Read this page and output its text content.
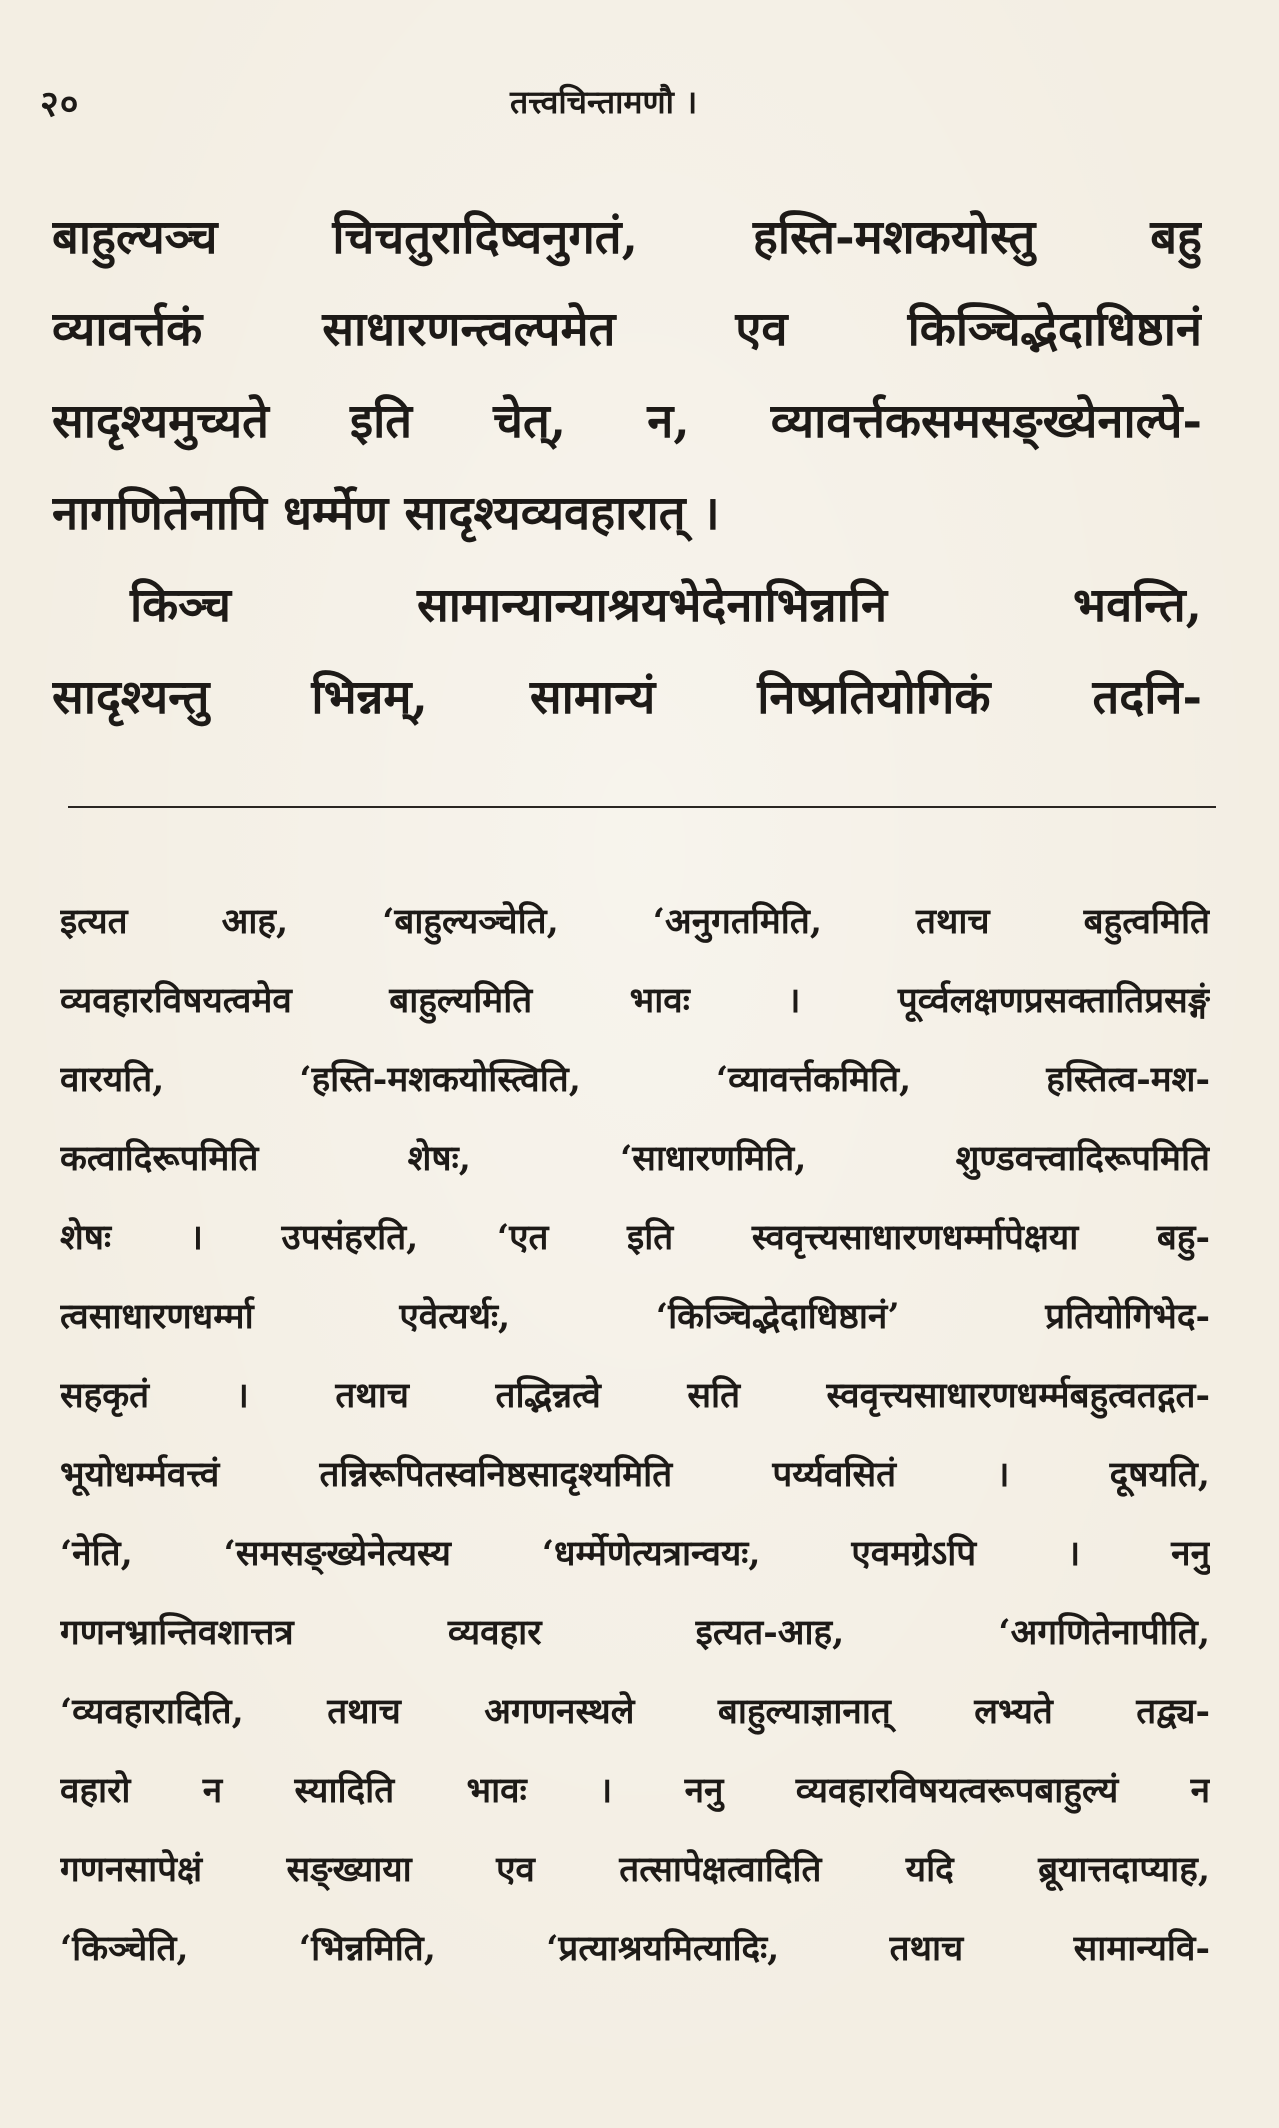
२०	तत्त्वचिन्तामणौ ।
बाहुल्यञ्च चिचतुरादिष्वनुगतं, हस्ति-मशकयोस्तु बहु
व्यावर्त्तकं साधारणन्त्वल्पमेत एव किञ्चिद्भेदाधिष्ठानं
सादृश्यमुच्यते इति चेत्, न, व्यावर्त्तकसमसङ्ख्येनाल्पे-
नागणितेनापि धर्म्मेण सादृश्यव्यवहारात् ।
किञ्च सामान्यान्याश्रयभेदेनाभिन्नानि भवन्ति,
सादृश्यन्तु भिन्नम्, सामान्यं निष्प्रतियोगिकं तदनि-
इत्यत आह, ‘बाहुल्यञ्चेति, ‘अनुगतमिति, तथाच बहुत्वमिति
व्यवहारविषयत्वमेव बाहुल्यमिति भावः । पूर्व्वलक्षणप्रसक्तातिप्रसङ्गं
वारयति, ‘हस्ति-मशकयोस्त्विति, ‘व्यावर्त्तकमिति, हस्तित्व-मश-
कत्वादिरूपमिति शेषः, ‘साधारणमिति, शुण्डवत्त्वादिरूपमिति
शेषः । उपसंहरति, ‘एत इति स्ववृत्त्यसाधारणधर्म्मापेक्षया बहु-
त्वसाधारणधर्म्मा एवेत्यर्थः, ‘किञ्चिद्भेदाधिष्ठानं’ प्रतियोगिभेद-
सहकृतं । तथाच तद्भिन्नत्वे सति स्ववृत्त्यसाधारणधर्म्मबहुत्वतद्गत-
भूयोधर्म्मवत्त्वं तन्निरूपितस्वनिष्ठसादृश्यमिति पर्य्यवसितं । दूषयति,
‘नेति, ‘समसङ्ख्येनेत्यस्य ‘धर्म्मेणेत्यत्रान्वयः, एवमग्रेऽपि । ननु
गणनभ्रान्तिवशात्तत्र व्यवहार इत्यत-आह, ‘अगणितेनापीति,
‘व्यवहारादिति, तथाच अगणनस्थले बाहुल्याज्ञानात् लभ्यते तद्व्य-
वहारो न स्यादिति भावः । ननु व्यवहारविषयत्वरूपबाहुल्यं न
गणनसापेक्षं सङ्ख्याया एव तत्सापेक्षत्वादिति यदि ब्रूयात्तदाप्याह,
‘किञ्चेति, ‘भिन्नमिति, ‘प्रत्याश्रयमित्यादिः, तथाच सामान्यवि-
